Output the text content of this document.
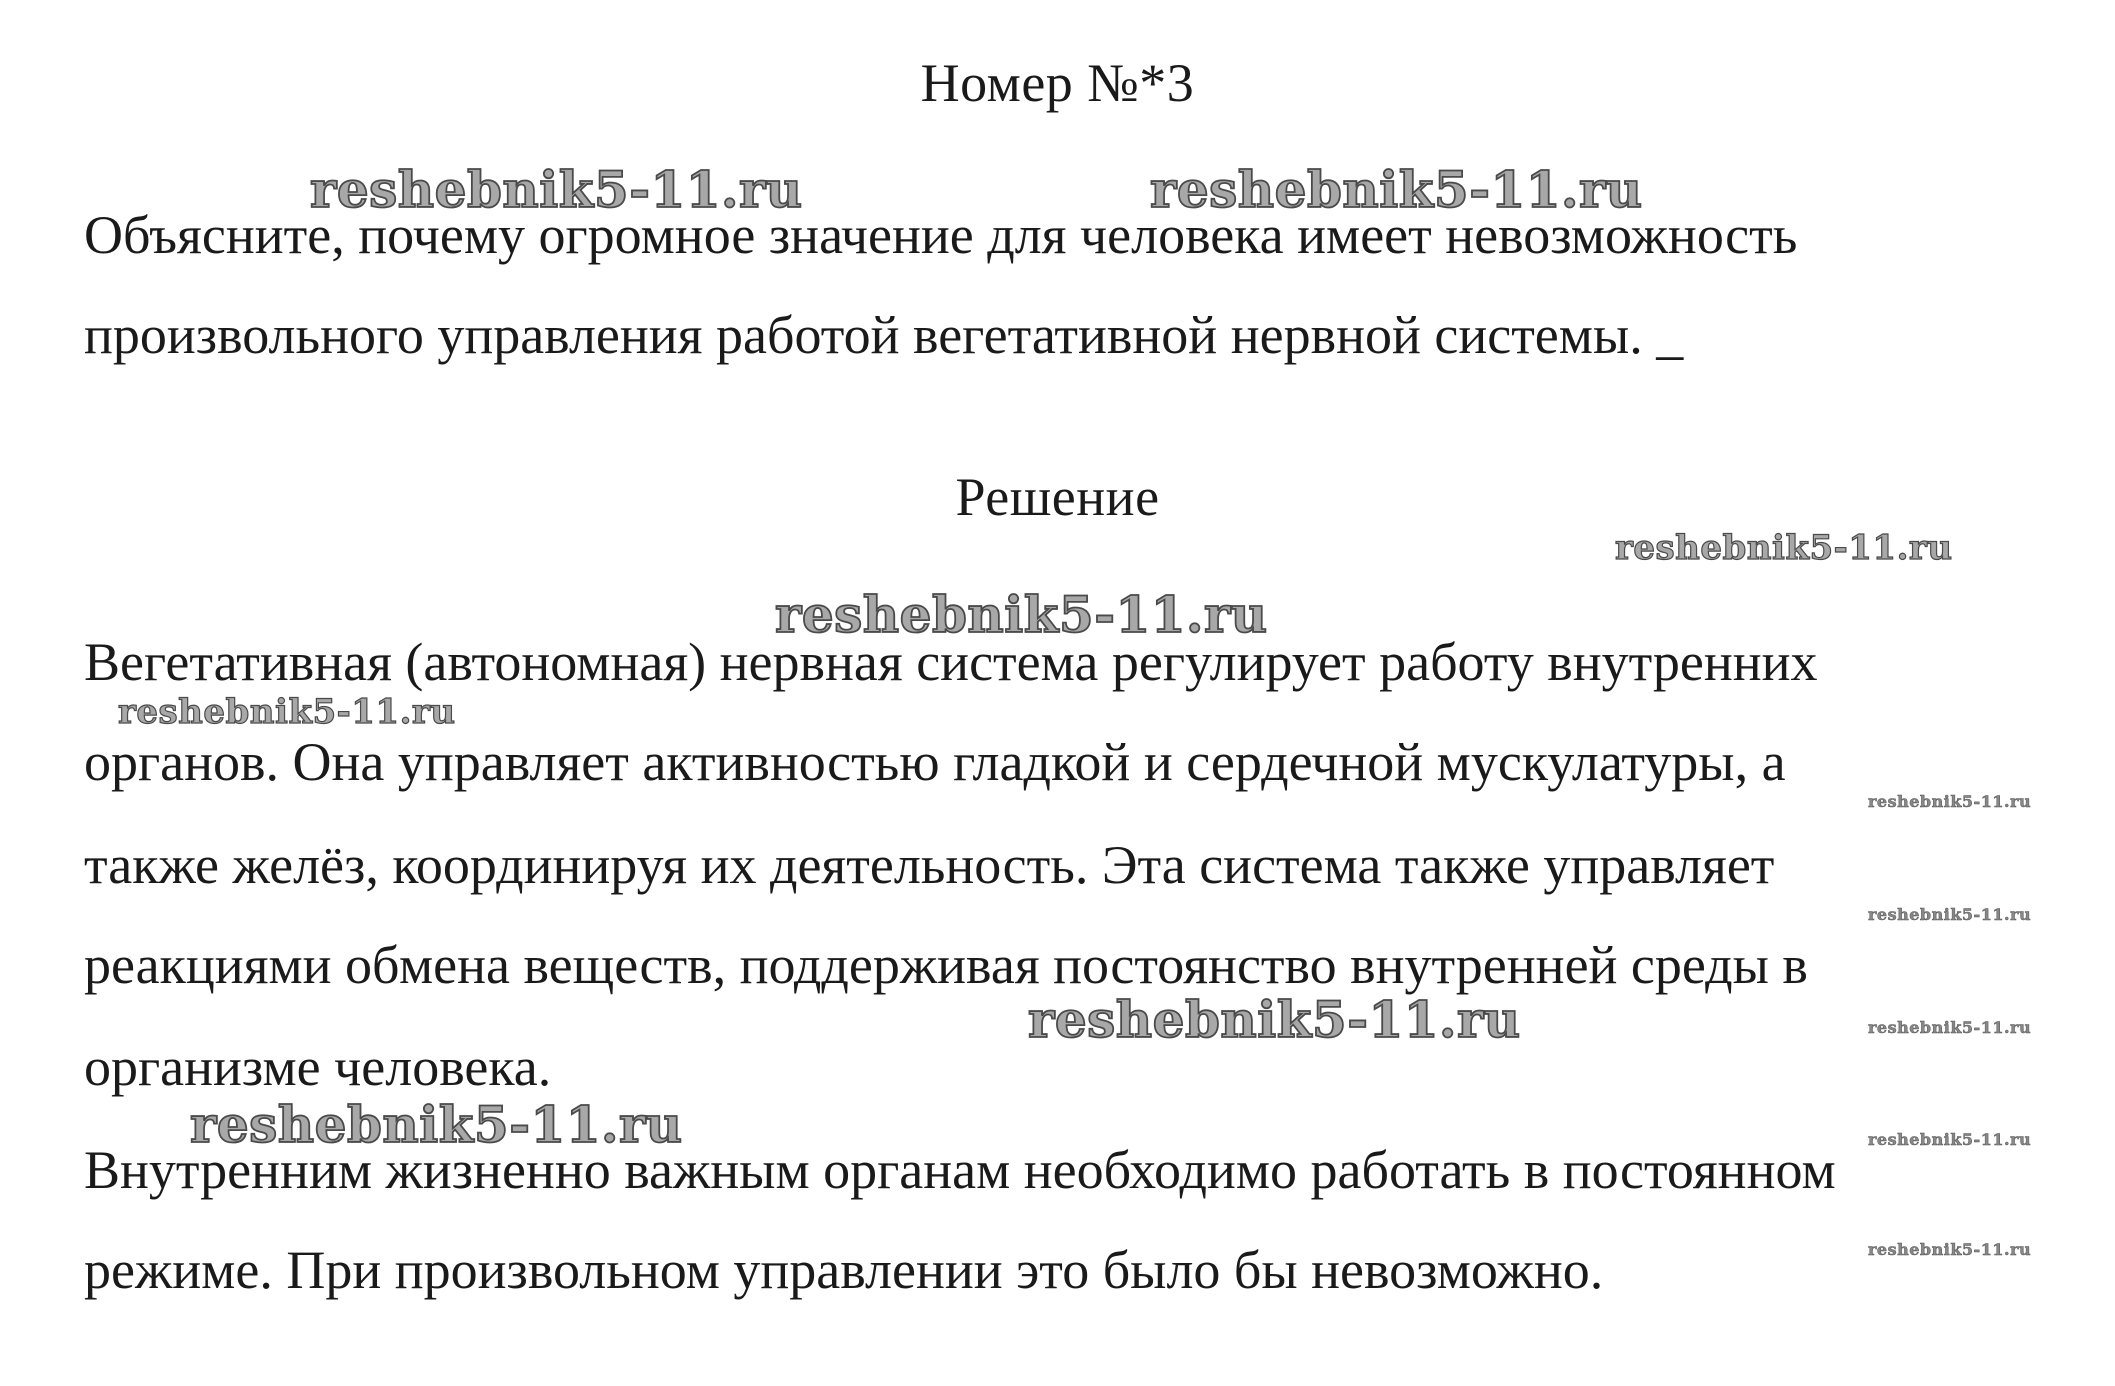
Номер №*3
reshebnik5-11.ru	reshebnik5-11.ru
Объясните, почему огромное значение для человека имеет невозможность
произвольного управления работой вегетативной нервной системы. _
Решение
reshebnik5-11.ru
reshebnik5-11.ru
Вегетативная (автономная) нервная система регулирует работу внутренних
reshebnik5-11.ru
органов. Она управляет активностью гладкой и сердечной мускулатуры, а
reshebnik5-11.ru
также желёз, координируя их деятельность. Эта система также управляет
reshebnik5-11.ru
реакциями обмена веществ, поддерживая постоянство внутренней среды в
reshebnik5-11.ru	reshebnik5-11.ru
организме человека.
reshebnik5-11.ru	reshebnik5-11.ru
Внутренним жизненно важным органам необходимо работать в постоянном
reshebnik5-11.ru
режиме. При произвольном управлении это было бы невозможно.
